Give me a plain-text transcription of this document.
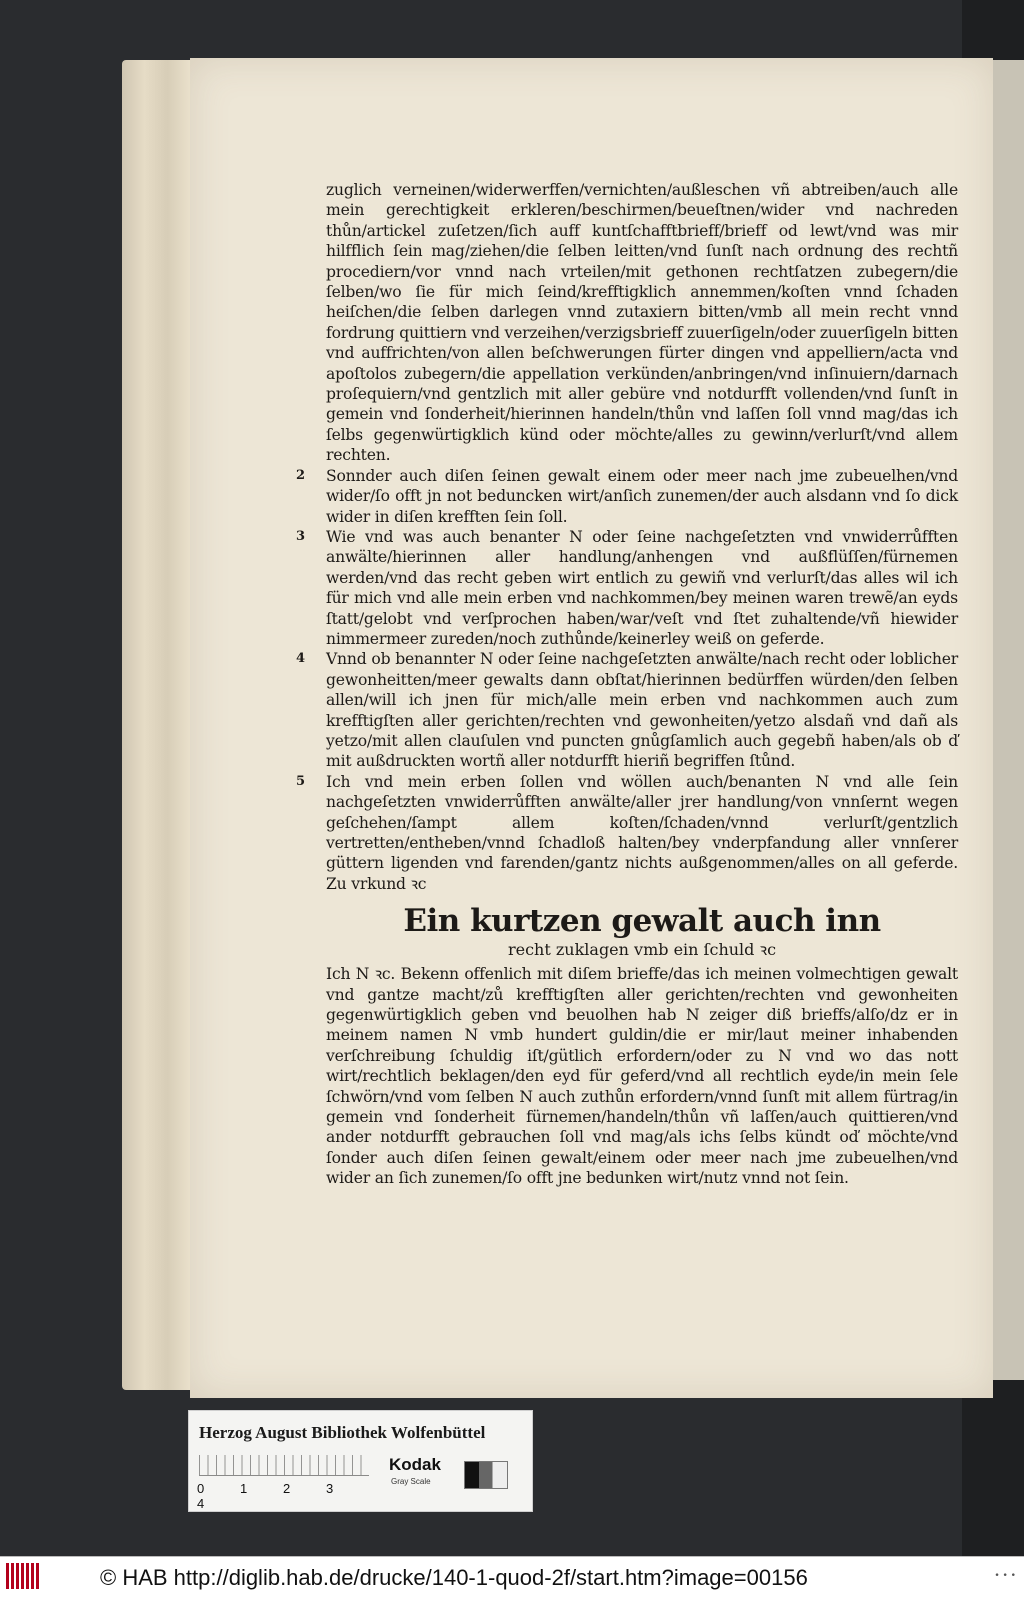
zuglich verneinen/widerwerffen/vernichten/außleschen vñ abtreiben/auch alle mein gerechtigkeit erkleren/beschirmen/beueſtnen/wider vnd nachreden thůn/artickel zuſetzen/ſich auff kuntſchafftbrieff/brieff od lewt/vnd was mir hilfflich ſein mag/ziehen/die ſelben leitten/vnd ſunſt nach ordnung des rechtñ procediern/vor vnnd nach vrteilen/mit gethonen rechtſatzen zubegern/die ſelben/wo ſie für mich ſeind/krefftigklich annemmen/koſten vnnd ſchaden heiſchen/die ſelben darlegen vnnd zutaxiern bitten/vmb all mein recht vnnd fordrung quittiern vnd verzeihen/verzigsbrieff zuuerſigeln/oder zuuerſigeln bitten vnd auffrichten/von allen beſchwerungen fürter dingen vnd appelliern/acta vnd apoſtolos zubegern/die appellation verkünden/anbringen/vnd inſinuiern/darnach proſequiern/vnd gentzlich mit aller gebüre vnd notdurfft vollenden/vnd ſunſt in gemein vnd ſonderheit/hierinnen handeln/thůn vnd laſſen ſoll vnnd mag/das ich ſelbs gegenwürtigklich künd oder möchte/alles zu gewinn/verlurſt/vnd allem rechten.

2 Sonnder auch diſen ſeinen gewalt einem oder meer nach jme zubeuelhen/vnd wider/ſo offt jn not beduncken wirt/anſich zunemen/der auch alsdann vnd ſo dick wider in diſen krefften ſein ſoll.
3 Wie vnd was auch benanter N oder ſeine nachgeſetzten vnd vnwiderrůfften anwälte/hierinnen aller handlung/anhengen vnd außflüſſen/fürnemen werden/vnd das recht geben wirt entlich zu gewiñ vnd verlurſt/das alles wil ich für mich vnd alle mein erben vnd nachkommen/bey meinen waren trewẽ/an eyds ſtatt/gelobt vnd verſprochen haben/war/veſt vnd ſtet zuhaltende/vñ hiewider nimmermeer zureden/noch zuthůnde/keinerley weiß on geferde.
4 Vnnd ob benannter N oder ſeine nachgeſetzten anwälte/nach recht oder loblicher gewonheitten/meer gewalts dann obſtat/hierinnen bedürffen würden/den ſelben allen/will ich jnen für mich/alle mein erben vnd nachkommen auch zum krefftigſten aller gerichten/rechten vnd gewonheiten/yetzo alsdañ vnd dañ als yetzo/mit allen clauſulen vnd puncten gnůgſamlich auch gegebñ haben/als ob ď mit außdruckten wortñ aller notdurfft hieriñ begriffen ſtůnd.
5 Ich vnd mein erben ſollen vnd wöllen auch/benanten N vnd alle ſein nachgeſetzten vnwiderrůfften anwälte/aller jrer handlung/von vnnſernt wegen geſchehen/ſampt allem koſten/ſchaden/vnnd verlurſt/gentzlich vertretten/entheben/vnnd ſchadloß halten/bey vnderpfandung aller vnnſerer güttern ligenden vnd farenden/gantz nichts außgenommen/alles on all geferde. Zu vrkund ꝛc
Ein kurtzen gewalt auch inn
recht zuklagen vmb ein ſchuld ꝛc

Ich N ꝛc. Bekenn offenlich mit diſem brieffe/das ich meinen volmechtigen gewalt vnd gantze macht/zů krefftigſten aller gerichten/rechten vnd gewonheiten gegenwürtigklich geben vnd beuolhen hab N zeiger diß brieffs/alſo/dz er in meinem namen N vmb hundert guldin/die er mir/laut meiner inhabenden verſchreibung ſchuldig iſt/gütlich erfordern/oder zu N vnd wo das nott wirt/rechtlich beklagen/den eyd für geferd/vnd all rechtlich eyde/in mein ſele ſchwörn/vnd vom ſelben N auch zuthůn erfordern/vnnd ſunſt mit allem fürtrag/in gemein vnd ſonderheit fürnemen/handeln/thůn vñ laſſen/auch quittieren/vnd ander notdurfft gebrauchen ſoll vnd mag/als ichs ſelbs kündt oď möchte/vnd ſonder auch diſen ſeinen gewalt/einem oder meer nach jme zubeuelhen/vnd wider an ſich zunemen/ſo offt jne bedunken wirt/nutz vnnd not ſein.

Herzog August Bibliothek Wolfenbüttel
0	1	2	34
Kodak
Gray Scale
© HAB http://diglib.hab.de/drucke/140-1-quod-2f/start.htm?image=00156	• • •
